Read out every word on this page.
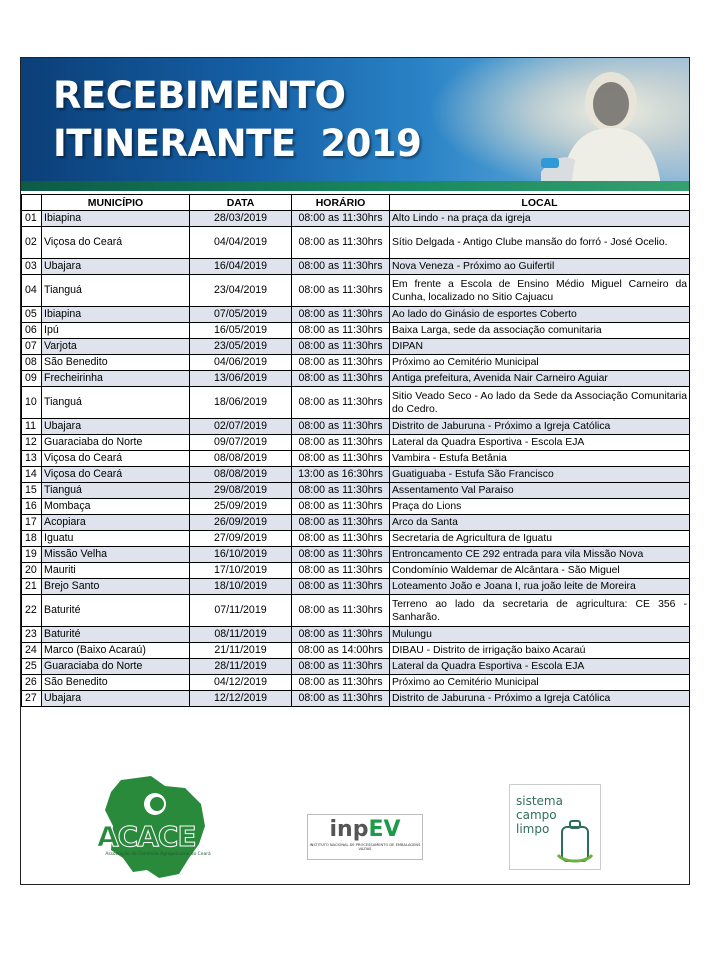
RECEBIMENTO
ITINERANTE  2019
	MUNICÍPIO	DATA	HORÁRIO	LOCAL
01	Ibiapina	28/03/2019	08:00 as 11:30hrs	Alto Lindo - na praça da igreja
02	Viçosa do Ceará	04/04/2019	08:00 as 11:30hrs	Sítio Delgada - Antigo Clube mansão do forró - José Ocelio.
03	Ubajara	16/04/2019	08:00 as 11:30hrs	Nova Veneza - Próximo ao Guifertil
04	Tianguá	23/04/2019	08:00 as 11:30hrs	Em frente a Escola de Ensino Médio Miguel Carneiro da Cunha, localizado no Sitio Cajuacu
05	Ibiapina	07/05/2019	08:00 as 11:30hrs	Ao lado do Ginásio de esportes Coberto
06	Ipú	16/05/2019	08:00 as 11:30hrs	Baixa Larga, sede da associação comunitaria
07	Varjota	23/05/2019	08:00 as 11:30hrs	DIPAN
08	São Benedito	04/06/2019	08:00 as 11:30hrs	Próximo ao Cemitério Municipal
09	Frecheirinha	13/06/2019	08:00 as 11:30hrs	Antiga prefeitura, Avenida Nair Carneiro Aguiar
10	Tianguá	18/06/2019	08:00 as 11:30hrs	Sitio Veado Seco - Ao lado da Sede da Associação Comunitaria do Cedro.
11	Ubajara	02/07/2019	08:00 as 11:30hrs	Distrito de Jaburuna - Próximo a Igreja Católica
12	Guaraciaba do Norte	09/07/2019	08:00 as 11:30hrs	Lateral da Quadra Esportiva - Escola EJA
13	Viçosa do Ceará	08/08/2019	08:00 as 11:30hrs	Vambira - Estufa Betânia
14	Viçosa do Ceará	08/08/2019	13:00 as 16:30hrs	Guatiguaba - Estufa São Francisco
15	Tianguá	29/08/2019	08:00 as 11:30hrs	Assentamento Val Paraiso
16	Mombaça	25/09/2019	08:00 as 11:30hrs	Praça do Lions
17	Acopiara	26/09/2019	08:00 as 11:30hrs	Arco da Santa
18	Iguatu	27/09/2019	08:00 as 11:30hrs	Secretaria de Agricultura de Iguatu
19	Missão Velha	16/10/2019	08:00 as 11:30hrs	Entroncamento CE 292 entrada para vila Missão Nova
20	Mauriti	17/10/2019	08:00 as 11:30hrs	Condomínio Waldemar de Alcântara - São Miguel
21	Brejo Santo	18/10/2019	08:00 as 11:30hrs	Loteamento João e Joana I, rua joão leite de Moreira
22	Baturité	07/11/2019	08:00 as 11:30hrs	Terreno ao lado da secretaria de agricultura: CE 356 - Sanharão.
23	Baturité	08/11/2019	08:00 as 11:30hrs	Mulungu
24	Marco (Baixo Acaraú)	21/11/2019	08:00 as 14:00hrs	DIBAU - Distrito de irrigação baixo Acaraú
25	Guaraciaba do Norte	28/11/2019	08:00 as 11:30hrs	Lateral da Quadra Esportiva - Escola EJA
26	São Benedito	04/12/2019	08:00 as 11:30hrs	Próximo ao Cemitério Municipal
27	Ubajara	12/12/2019	08:00 as 11:30hrs	Distrito de Jaburuna - Próximo a Igreja Católica
ACACE
Associação do Comércio Agropecuário do Ceará
inpEV
INSTITUTO NACIONAL DE PROCESSAMENTO DE EMBALAGENS VAZIAS
sistema
campo
limpo
